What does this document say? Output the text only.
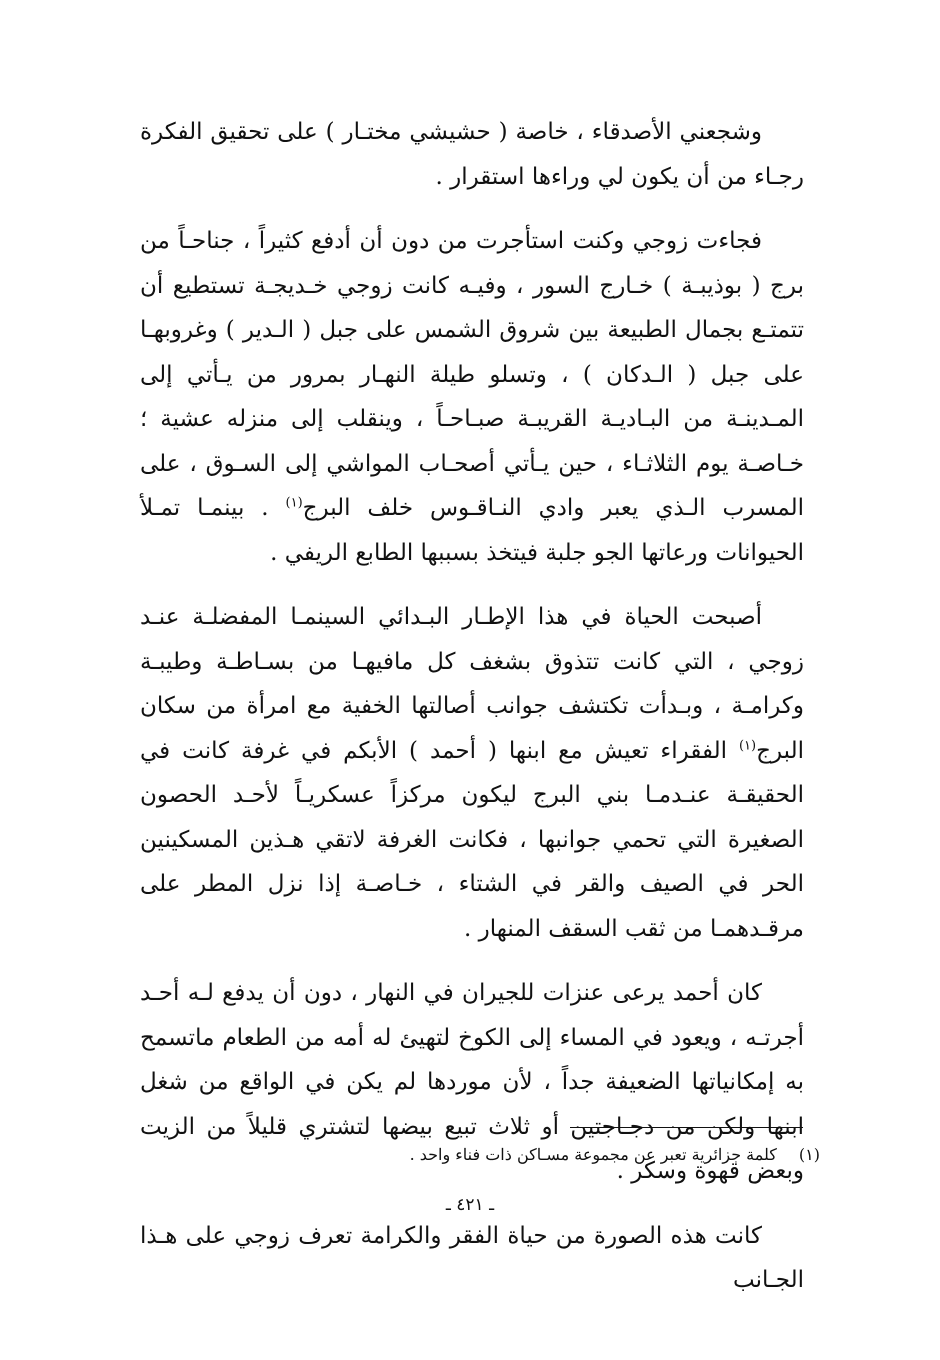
وشجعني الأصدقاء ، خاصة ( حشيشي مختـار ) على تحقيق الفكرة رجـاء من أن يكون لي وراءها استقرار .

فجاءت زوجي وكنت استأجرت من دون أن أدفع كثيراً ، جناحـاً من برج ( بوذيبـة ) خـارج السور ، وفيـه كانت زوجي خـديجـة تستطيع أن تتمتـع بجمال الطبيعة بين شروق الشمس على جبل ( الـدير ) وغروبهـا على جبل ( الـدكان ) ، وتسلو طيلة النهـار بمرور من يـأتي إلى المـدينـة من البـاديـة القريبـة صبـاحـاً ، وينقلب إلى منزله عشية ؛ خـاصـة يوم الثلاثـاء ، حين يـأتي أصحـاب المواشي إلى السـوق ، على المسرب الـذي يعبر وادي النـاقـوس خلف البرج$^{(١)}$ . بينمـا تمـلأ الحيوانات ورعاتها الجو جلبة فيتخذ بسببها الطابع الريفي .

أصبحت الحياة في هذا الإطـار البـدائي السينمـا المفضلـة عنـد زوجي ، التي كانت تتذوق بشغف كل مافيهـا من بسـاطـة وطيبـة وكرامـة ، وبـدأت تكتشف جوانب أصالتها الخفية مع امرأة من سكان البرج$^{(١)}$ الفقراء تعيش مع ابنها ( أحمد ) الأبكم في غرفة كانت في الحقيقـة عنـدمـا بني البرج ليكون مركزاً عسكريـاً لأحـد الحصون الصغيرة التي تحمي جوانبها ، فكانت الغرفة لاتقي هـذين المسكينين الحر في الصيف والقر في الشتاء ، خـاصـة إذا نزل المطر على مرقـدهمـا من ثقب السقف المنهار .

كان أحمد يرعى عنزات للجيران في النهار ، دون أن يدفع لـه أحـد أجرتـه ، ويعود في المساء إلى الكوخ لتهيئ له أمه من الطعام ماتسمح به إمكانياتها الضعيفة جداً ، لأن موردها لم يكن في الواقع من شغل ابنها ولكن من دجـاجتين أو ثلاث تبيع بيضها لتشتري قليلاً من الزيت وبعض قهوة وسكر .

كانت هذه الصورة من حياة الفقر والكرامة تعرف زوجي على هـذا الجـانب

(١)كلمة جزائرية تعبر عن مجموعة مسـاكن ذات فناء واحد .
ـ ٤٢١ ـ
